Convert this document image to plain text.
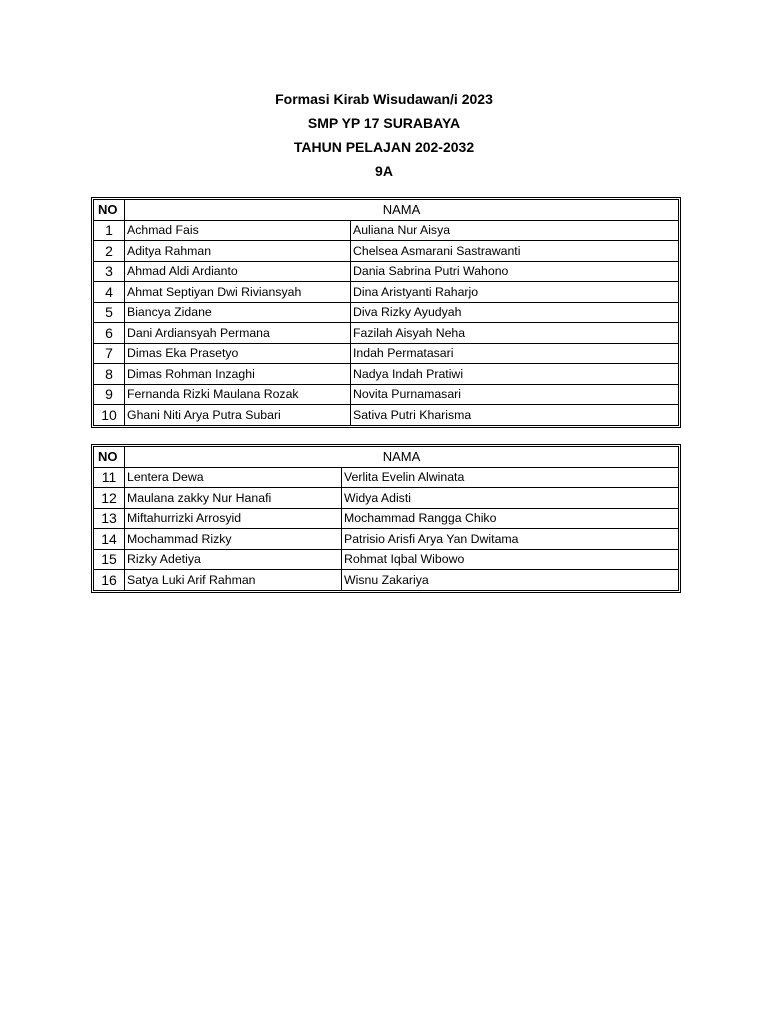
Formasi Kirab Wisudawan/i 2023
SMP YP 17 SURABAYA
TAHUN PELAJAN 202-2032
9A
NO	NAMA	
1	Achmad Fais	Auliana Nur Aisya
2	Aditya Rahman	Chelsea Asmarani Sastrawanti
3	Ahmad Aldi Ardianto	Dania Sabrina Putri Wahono
4	Ahmat Septiyan Dwi Riviansyah	Dina Aristyanti Raharjo
5	Biancya Zidane	Diva Rizky Ayudyah
6	Dani Ardiansyah Permana	Fazilah Aisyah Neha
7	Dimas Eka Prasetyo	Indah Permatasari
8	Dimas Rohman Inzaghi	Nadya Indah Pratiwi
9	Fernanda Rizki Maulana Rozak	Novita Purnamasari
10	Ghani Niti Arya Putra Subari	Sativa Putri Kharisma
NO	NAMA	
11	Lentera Dewa	Verlita Evelin Alwinata
12	Maulana zakky Nur Hanafi	Widya Adisti
13	Miftahurrizki Arrosyid	Mochammad Rangga Chiko
14	Mochammad Rizky	Patrisio Arisfi Arya Yan Dwitama
15	Rizky Adetiya	Rohmat Iqbal Wibowo
16	Satya Luki Arif Rahman	Wisnu Zakariya
